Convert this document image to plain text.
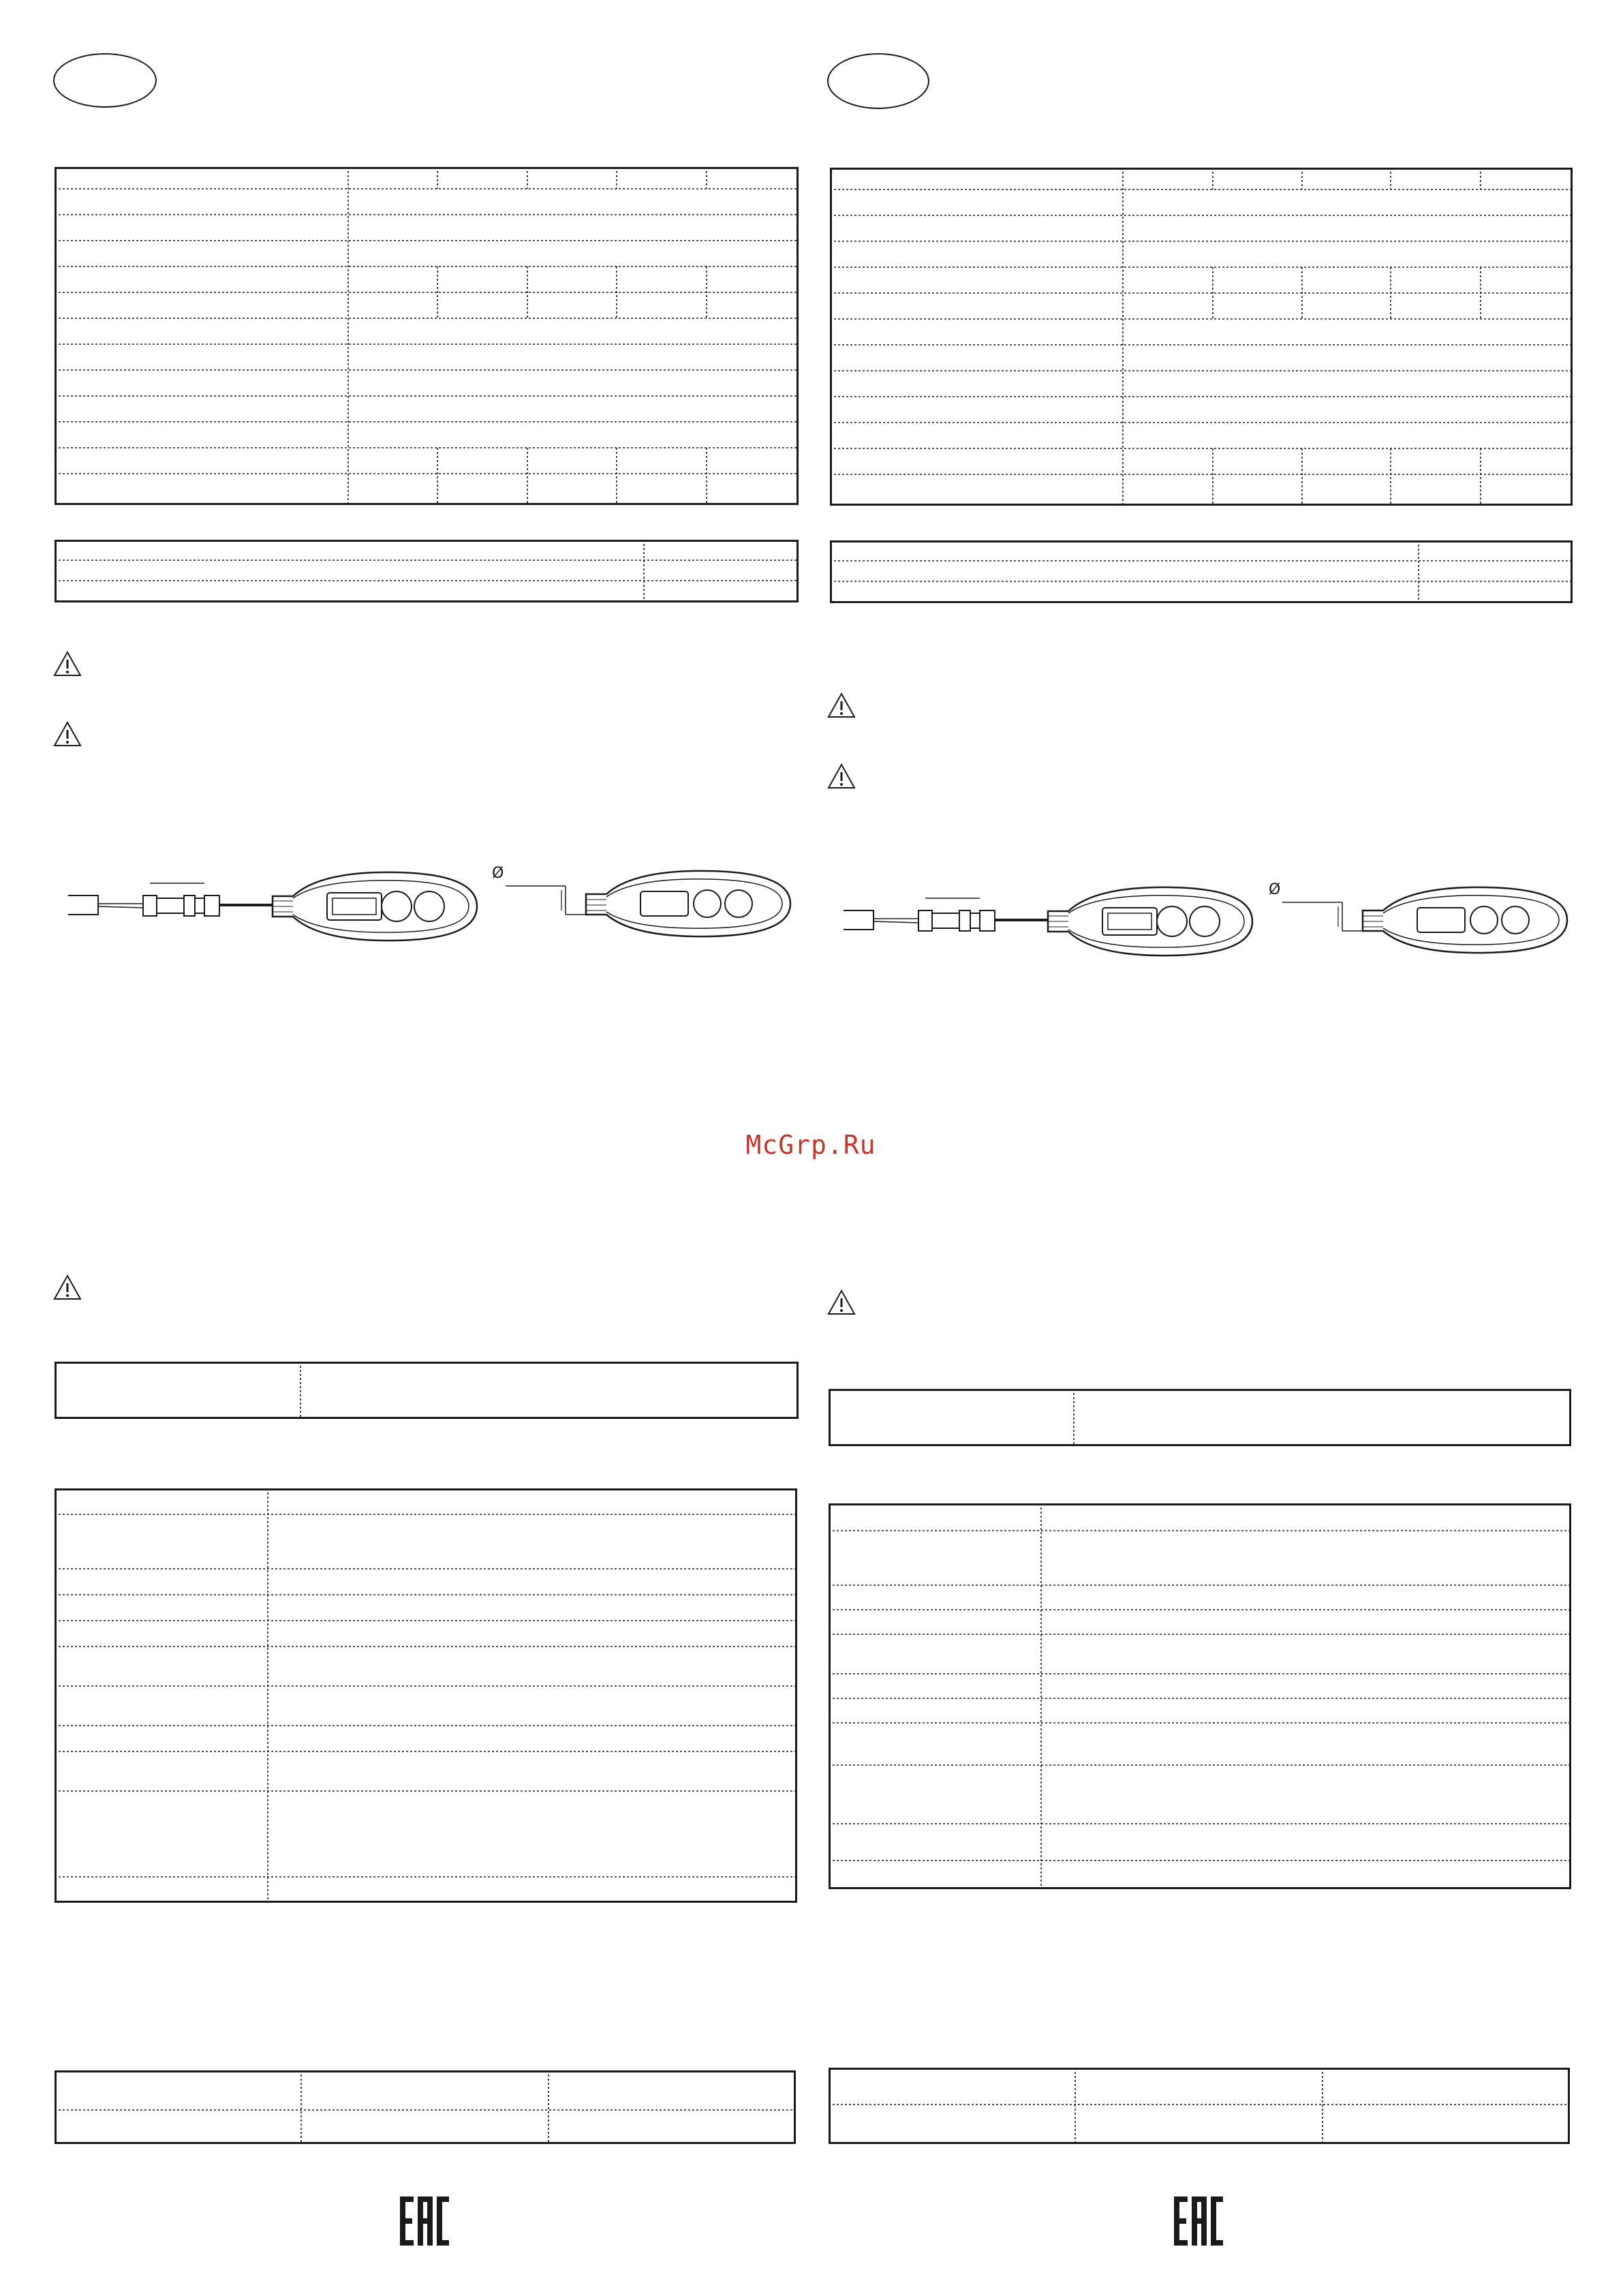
Ø
Ø
McGrp.Ru
